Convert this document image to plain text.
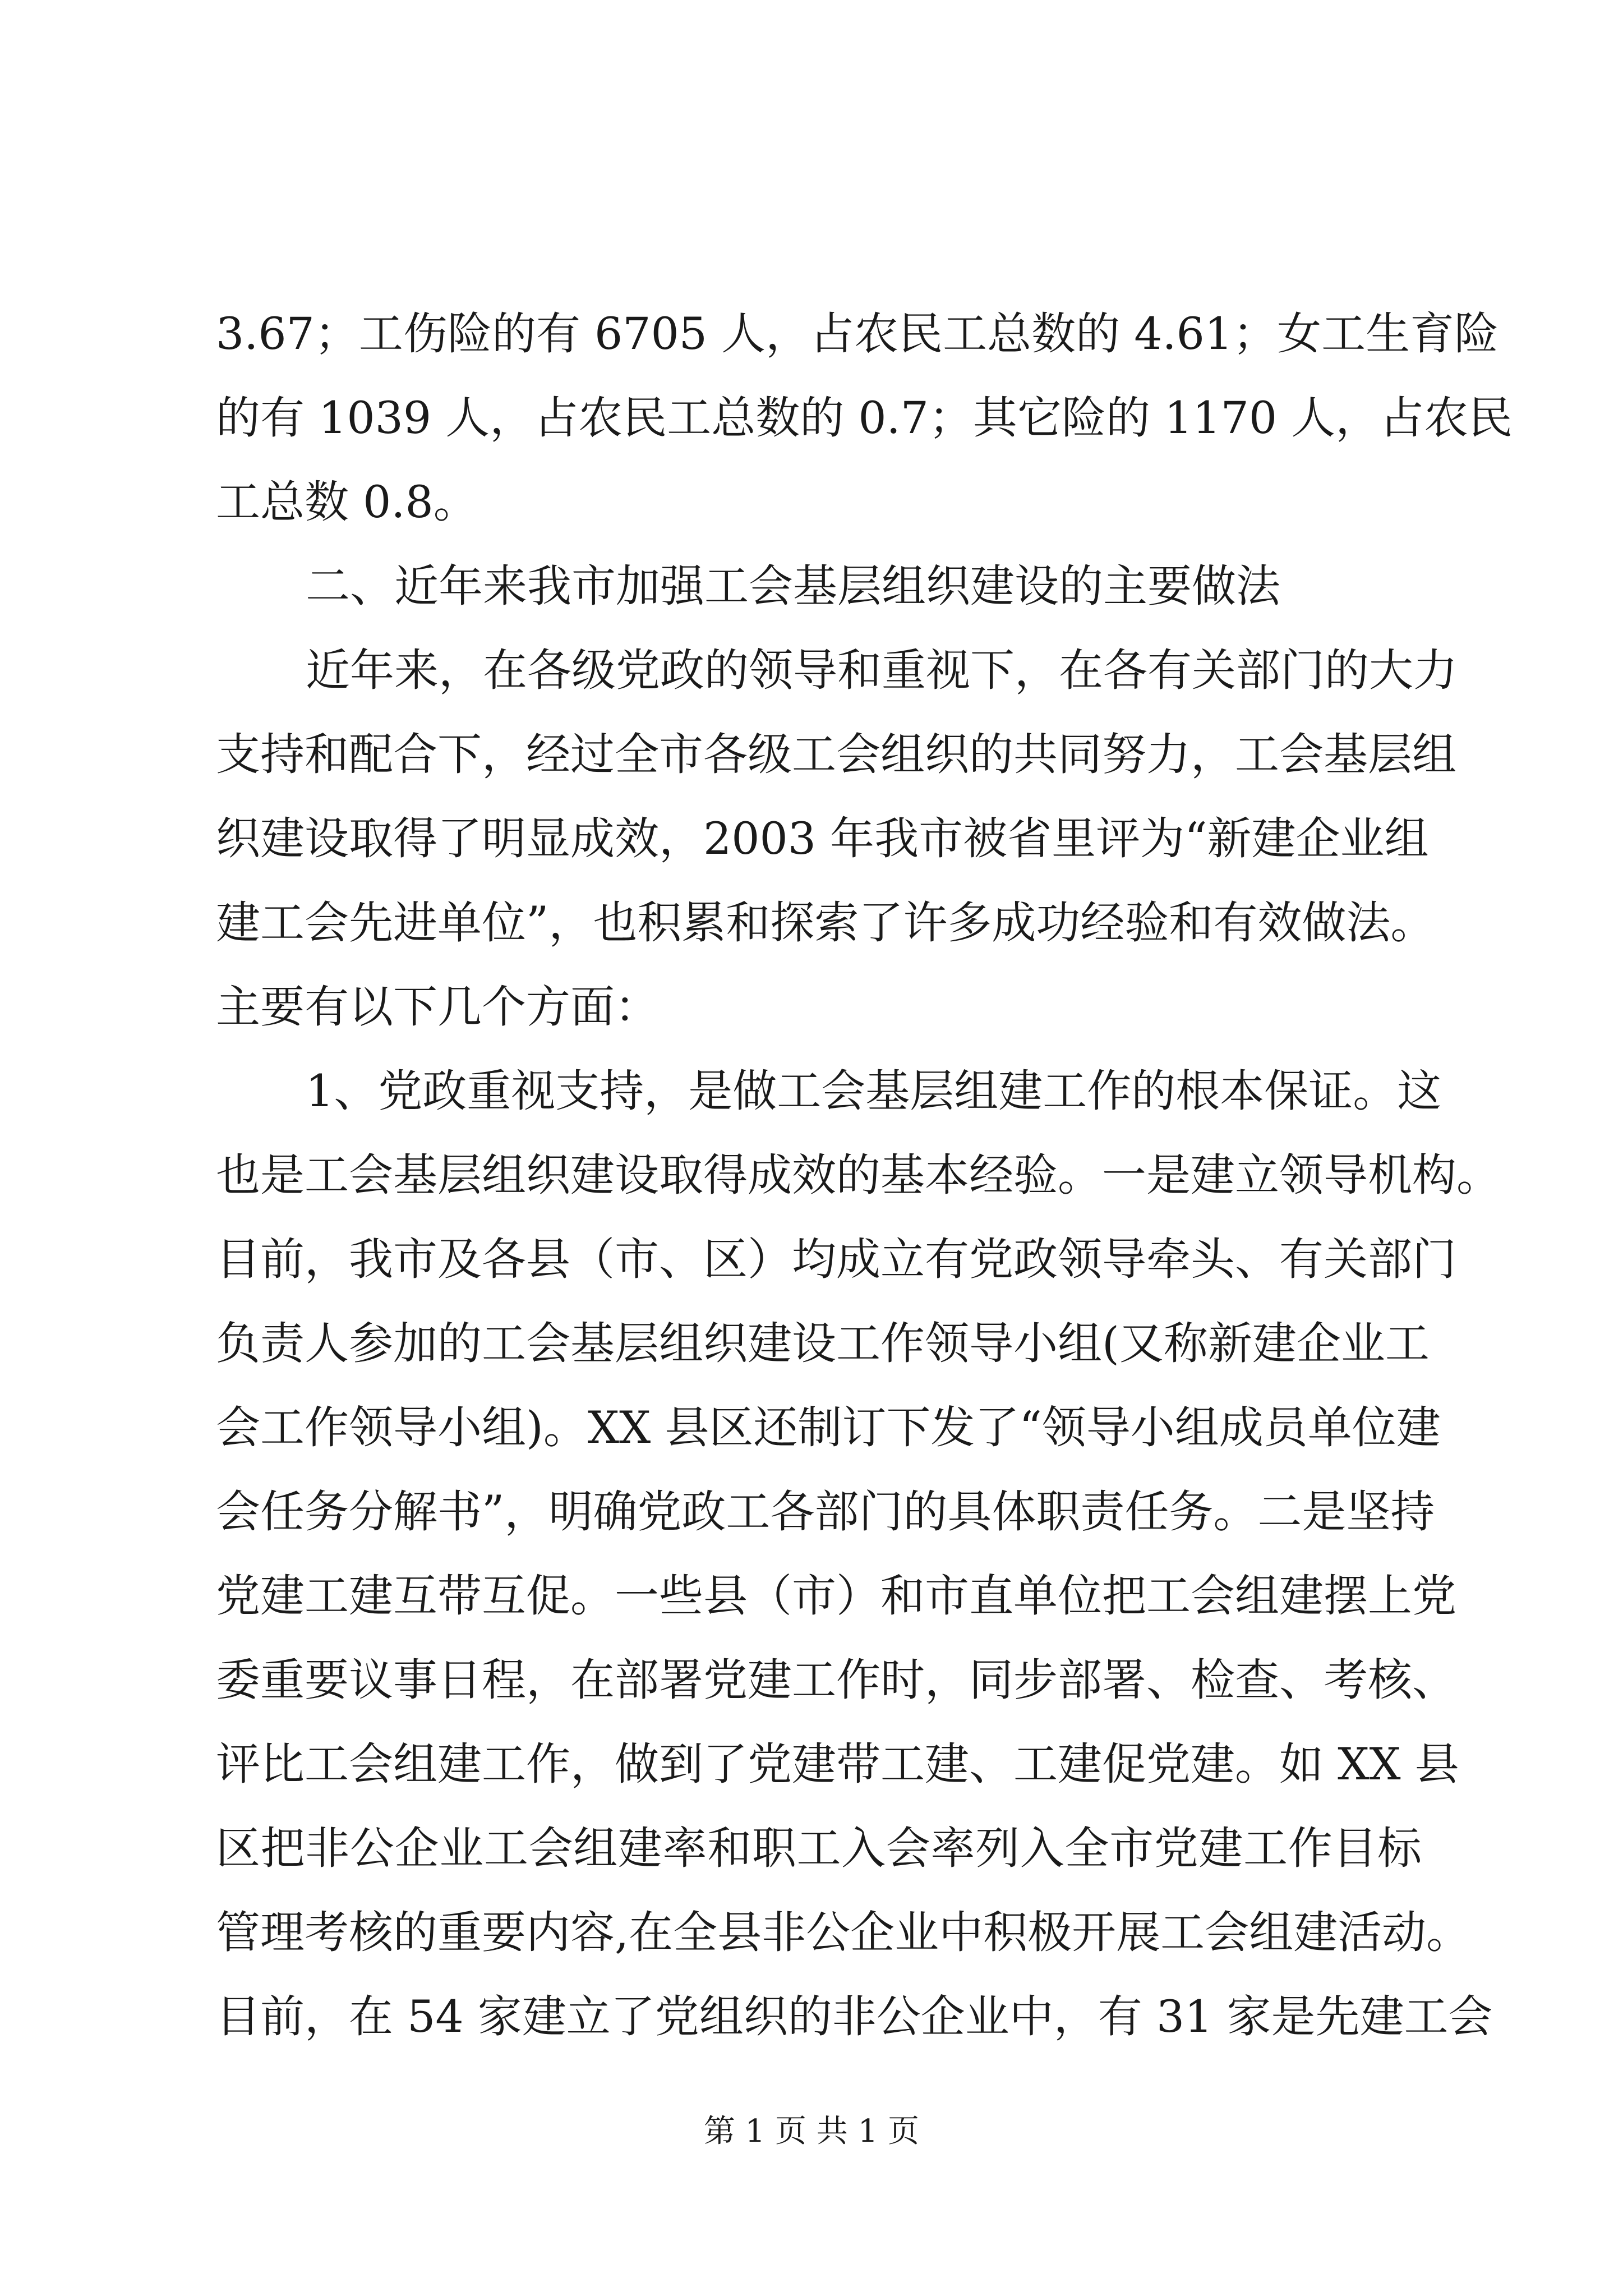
3.67；工伤险的有 6705 人，占农民工总数的 4.61；女工生育险
的有 1039 人，占农民工总数的 0.7；其它险的 1170 人，占农民
工总数 0.8。
二、近年来我市加强工会基层组织建设的主要做法
近年来，在各级党政的领导和重视下，在各有关部门的大力
支持和配合下，经过全市各级工会组织的共同努力，工会基层组
织建设取得了明显成效，2003 年我市被省里评为“新建企业组
建工会先进单位”，也积累和探索了许多成功经验和有效做法。
主要有以下几个方面：
1、党政重视支持，是做工会基层组建工作的根本保证。这
也是工会基层组织建设取得成效的基本经验。一是建立领导机构。
目前，我市及各县（市、区）均成立有党政领导牵头、有关部门
负责人参加的工会基层组织建设工作领导小组(又称新建企业工
会工作领导小组)。XX 县区还制订下发了“领导小组成员单位建
会任务分解书”，明确党政工各部门的具体职责任务。二是坚持
党建工建互带互促。一些县（市）和市直单位把工会组建摆上党
委重要议事日程，在部署党建工作时，同步部署、检查、考核、
评比工会组建工作，做到了党建带工建、工建促党建。如 XX 县
区把非公企业工会组建率和职工入会率列入全市党建工作目标
管理考核的重要内容,在全县非公企业中积极开展工会组建活动。
目前，在 54 家建立了党组织的非公企业中，有 31 家是先建工会
第 1 页 共 1 页
